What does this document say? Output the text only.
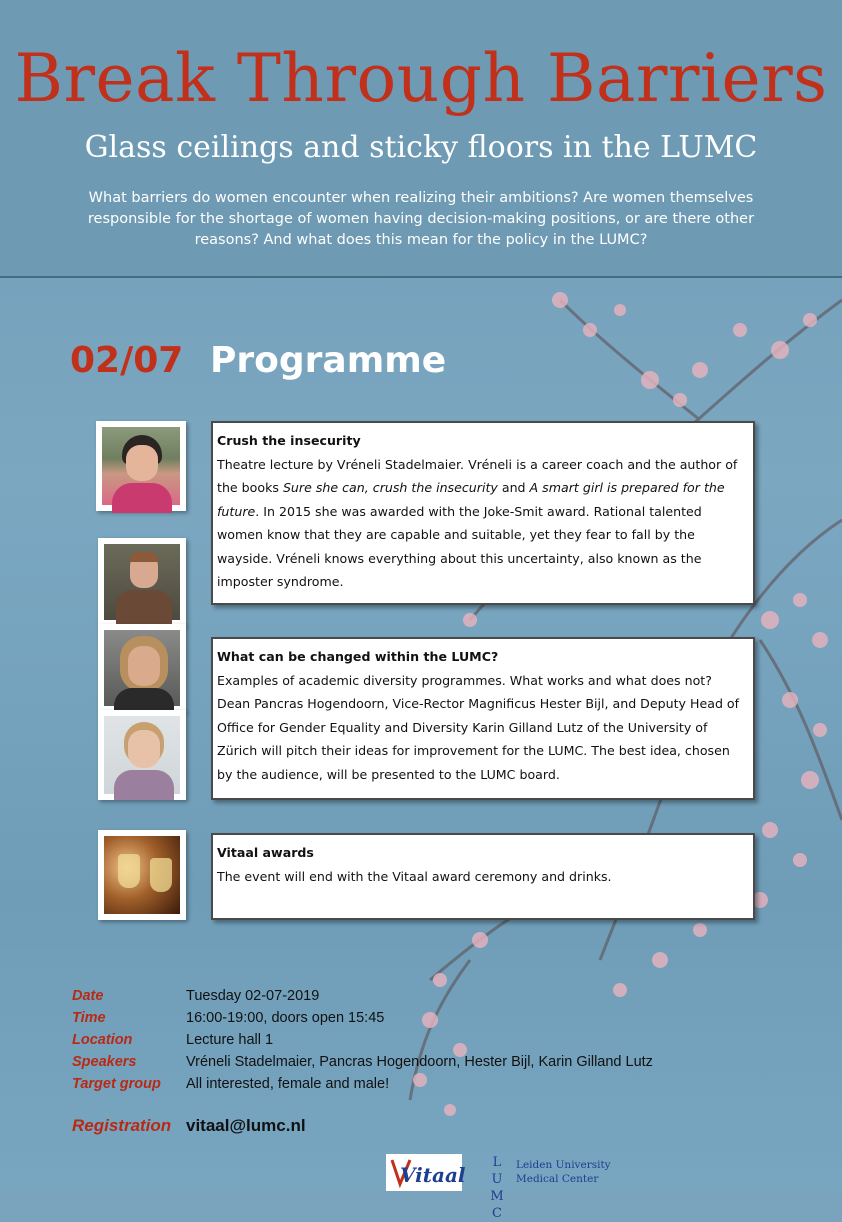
Break Through Barriers
Glass ceilings and sticky floors in the LUMC
What barriers do women encounter when realizing their ambitions? Are women themselves responsible for the shortage of women having decision-making positions, or are there other reasons? And what does this mean for the policy in the LUMC?
02/07 Programme
Crush the insecurity
Theatre lecture by Vréneli Stadelmaier. Vréneli is a career coach and the author of the books Sure she can, crush the insecurity and A smart girl is prepared for the future. In 2015 she was awarded with the Joke-Smit award. Rational talented women know that they are capable and suitable, yet they fear to fall by the wayside. Vréneli knows everything about this uncertainty, also known as the imposter syndrome.
What can be changed within the LUMC?
Examples of academic diversity programmes. What works and what does not? Dean Pancras Hogendoorn, Vice-Rector Magnificus Hester Bijl, and Deputy Head of Office for Gender Equality and Diversity Karin Gilland Lutz of the University of Zürich will pitch their ideas for improvement for the LUMC. The best idea, chosen by the audience, will be presented to the LUMC board.
Vitaal awards
The event will end with the Vitaal award ceremony and drinks.
Date	Tuesday 02-07-2019
Time	16:00-19:00, doors open 15:45
Location	Lecture hall 1
Speakers	Vréneli Stadelmaier, Pancras Hogendoorn, Hester Bijl, Karin Gilland Lutz
Target group	All interested, female and male!
Registration vitaal@lumc.nl
Vitaal
L U
M C
Leiden University
Medical Center
